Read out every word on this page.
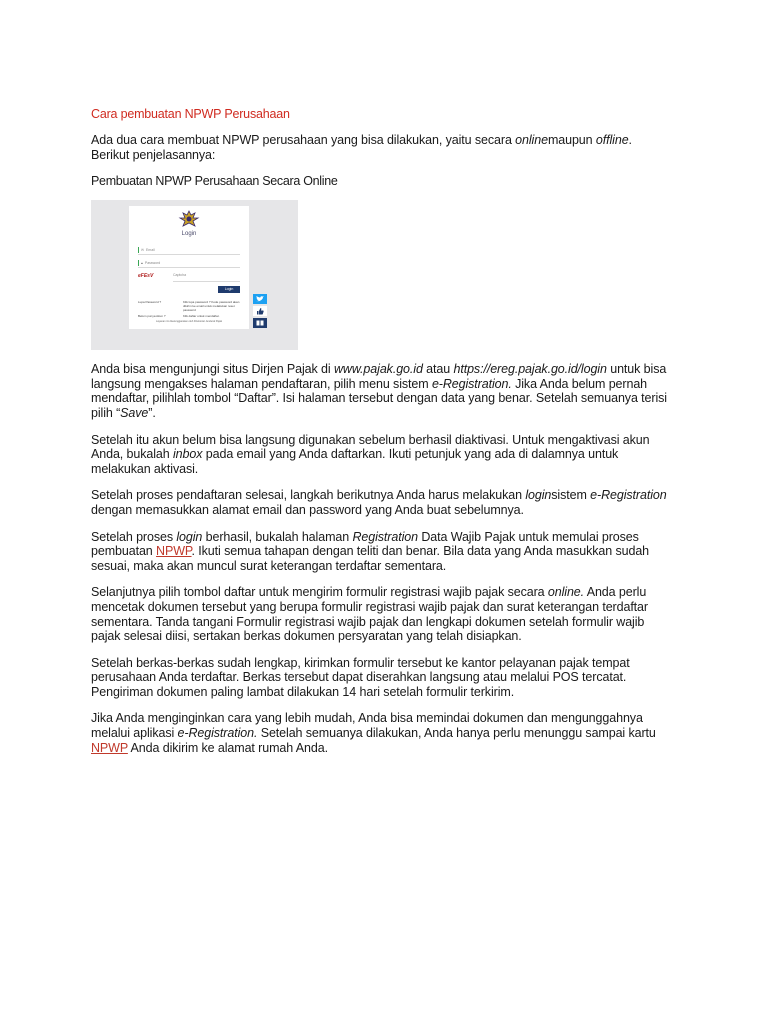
Cara pembuatan NPWP Perusahaan

Ada dua cara membuat NPWP perusahaan yang bisa dilakukan, yaitu secara onlinemaupun offline. Berikut penjelasannya:

Pembuatan NPWP Perusahaan Secara Online
Login
✉ Email
🔒︎ Password
eFEsV	Captcha
Login
Lupa Password ?	Klik lupa password ? Kode password akan dikirim ke email untuk melakukan reset password
Belum punya Akun ?	Klik daftar untuk mendaftar.
Layanan ini diselenggarakan oleh Direktorat Jenderal Pajak

Anda bisa mengunjungi situs Dirjen Pajak di www.pajak.go.id atau https://ereg.pajak.go.id/login untuk bisa langsung mengakses halaman pendaftaran, pilih menu sistem e-Registration. Jika Anda belum pernah mendaftar, pilihlah tombol “Daftar”. Isi halaman tersebut dengan data yang benar. Setelah semuanya terisi pilih “Save”.

Setelah itu akun belum bisa langsung digunakan sebelum berhasil diaktivasi. Untuk mengaktivasi akun Anda, bukalah inbox pada email yang Anda daftarkan. Ikuti petunjuk yang ada di dalamnya untuk melakukan aktivasi.

Setelah proses pendaftaran selesai, langkah berikutnya Anda harus melakukan loginsistem e-Registration dengan memasukkan alamat email dan password yang Anda buat sebelumnya.

Setelah proses login berhasil, bukalah halaman Registration Data Wajib Pajak untuk memulai proses pembuatan NPWP. Ikuti semua tahapan dengan teliti dan benar. Bila data yang Anda masukkan sudah sesuai, maka akan muncul surat keterangan terdaftar sementara.

Selanjutnya pilih tombol daftar untuk mengirim formulir registrasi wajib pajak secara online. Anda perlu mencetak dokumen tersebut yang berupa formulir registrasi wajib pajak dan surat keterangan terdaftar sementara. Tanda tangani Formulir registrasi wajib pajak dan lengkapi dokumen setelah formulir wajib pajak selesai diisi, sertakan berkas dokumen persyaratan yang telah disiapkan.

Setelah berkas-berkas sudah lengkap, kirimkan formulir tersebut ke kantor pelayanan pajak tempat perusahaan Anda terdaftar. Berkas tersebut dapat diserahkan langsung atau melalui POS tercatat. Pengiriman dokumen paling lambat dilakukan 14 hari setelah formulir terkirim.

Jika Anda menginginkan cara yang lebih mudah, Anda bisa memindai dokumen dan mengunggahnya melalui aplikasi e-Registration. Setelah semuanya dilakukan, Anda hanya perlu menunggu sampai kartu NPWP Anda dikirim ke alamat rumah Anda.
